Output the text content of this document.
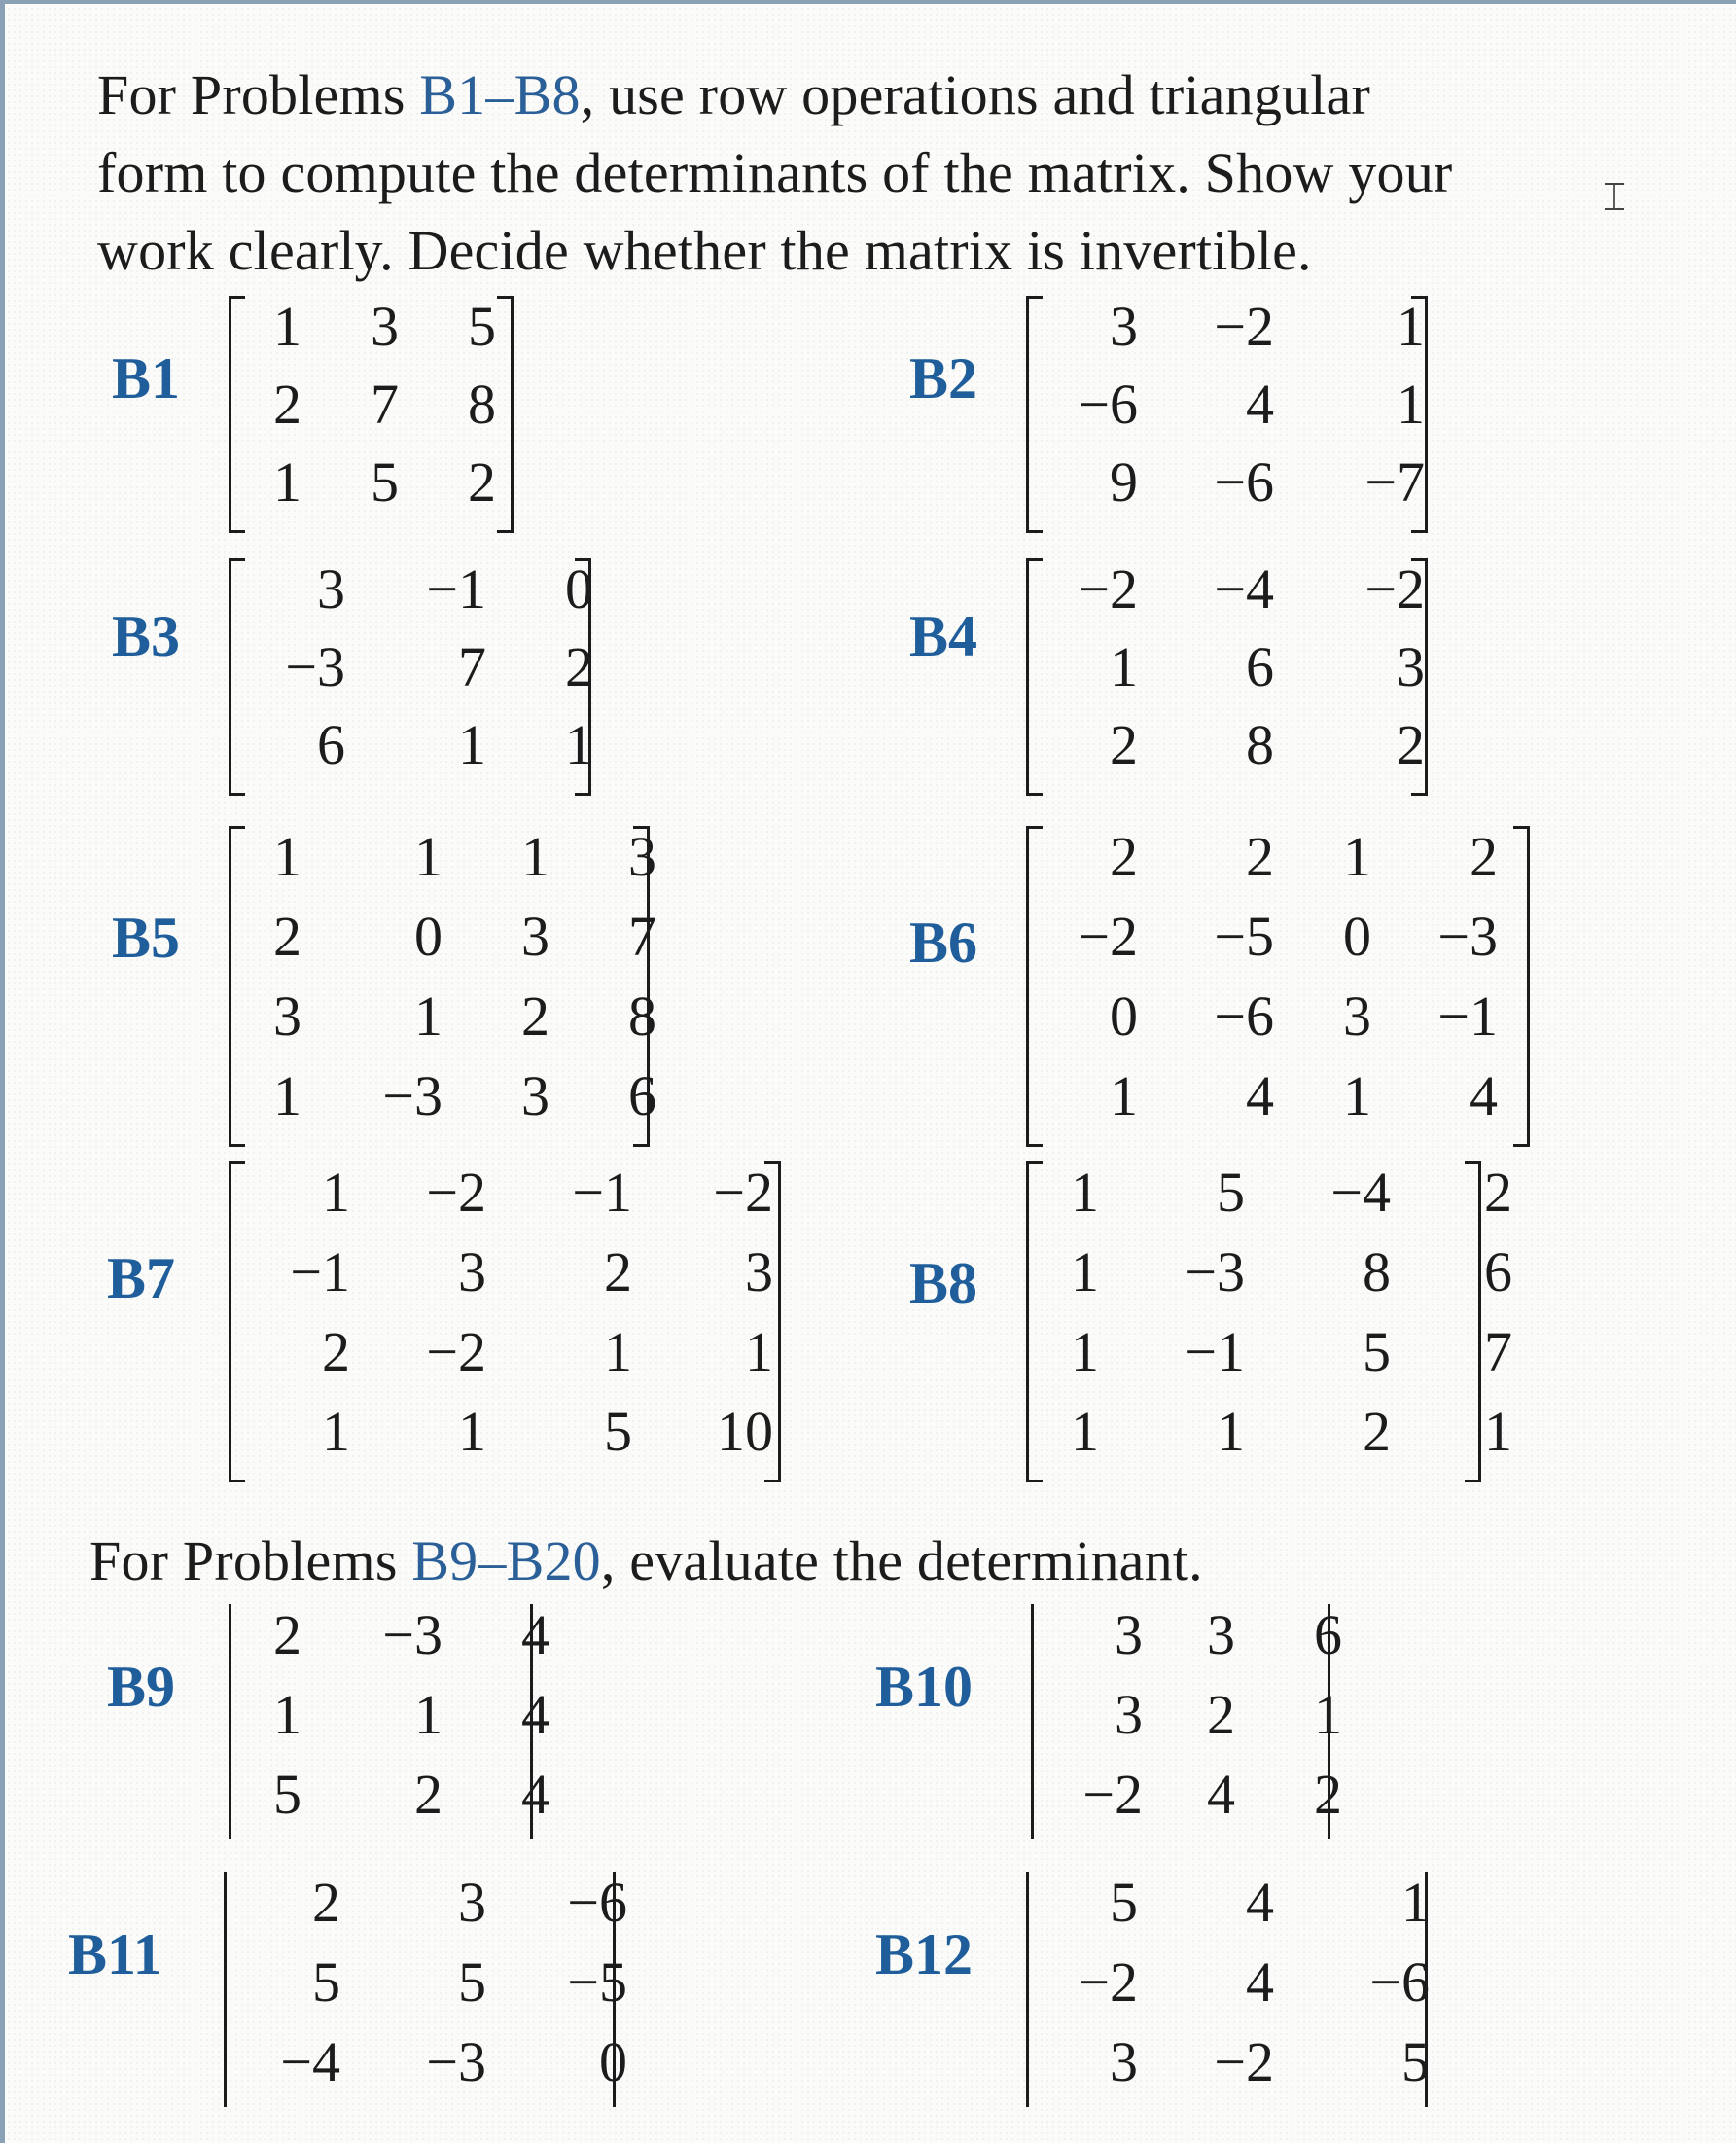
For Problems B1–B8, use row operations and triangular
form to compute the determinants of the matrix. Show your
work clearly. Decide whether the matrix is invertible.
For Problems B9–B20, evaluate the determinant.
⌶
B1
1	3	5
2	7	8
1	5	2
B2
3	−2	1
−6	4	1
9	−6	−7
B3
3	−1	0
−3	7	2
6	1	1
B4
−2	−4	−2
1	6	3
2	8	2
B5
1	1	1	3
2	0	3	7
3	1	2	8
1	−3	3	6
B6
2	2	1	2
−2	−5	0	−3
0	−6	3	−1
1	4	1	4
B7
1	−2	−1	−2
−1	3	2	3
2	−2	1	1
1	1	5	10
B8
1	5	−4	2
1	−3	8	6
1	−1	5	7
1	1	2	1
B9
2	−3	4
1	1	4
5	2	4
B10
3	3	6
3	2	1
−2	4	2
B11
2	3	−6
5	5	−5
−4	−3	0
B12
5	4	1
−2	4	−6
3	−2	5
